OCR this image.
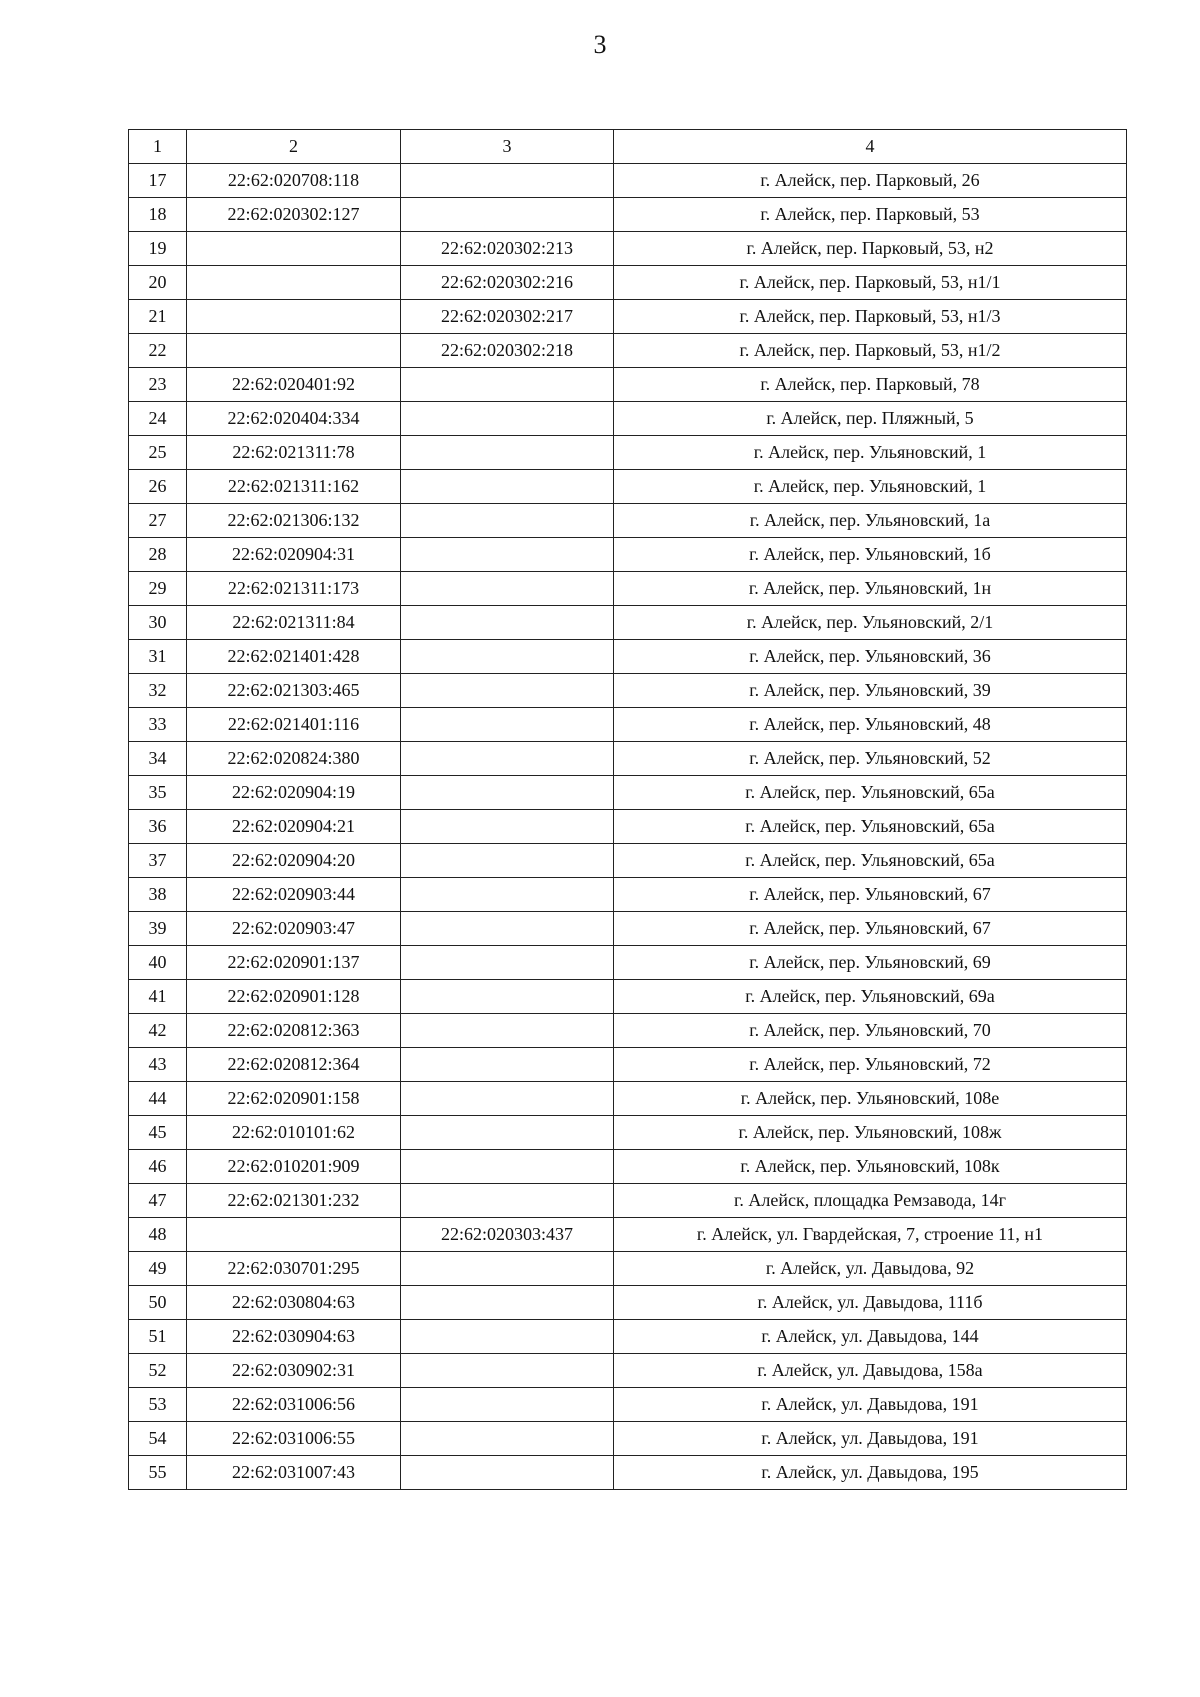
3
1	2	3	4
17	22:62:020708:118		г. Алейск, пер. Парковый, 26
18	22:62:020302:127		г. Алейск, пер. Парковый, 53
19		22:62:020302:213	г. Алейск, пер. Парковый, 53, н2
20		22:62:020302:216	г. Алейск, пер. Парковый, 53, н1/1
21		22:62:020302:217	г. Алейск, пер. Парковый, 53, н1/3
22		22:62:020302:218	г. Алейск, пер. Парковый, 53, н1/2
23	22:62:020401:92		г. Алейск, пер. Парковый, 78
24	22:62:020404:334		г. Алейск, пер. Пляжный, 5
25	22:62:021311:78		г. Алейск, пер. Ульяновский, 1
26	22:62:021311:162		г. Алейск, пер. Ульяновский, 1
27	22:62:021306:132		г. Алейск, пер. Ульяновский, 1а
28	22:62:020904:31		г. Алейск, пер. Ульяновский, 1б
29	22:62:021311:173		г. Алейск, пер. Ульяновский, 1н
30	22:62:021311:84		г. Алейск, пер. Ульяновский, 2/1
31	22:62:021401:428		г. Алейск, пер. Ульяновский, 36
32	22:62:021303:465		г. Алейск, пер. Ульяновский, 39
33	22:62:021401:116		г. Алейск, пер. Ульяновский, 48
34	22:62:020824:380		г. Алейск, пер. Ульяновский, 52
35	22:62:020904:19		г. Алейск, пер. Ульяновский, 65а
36	22:62:020904:21		г. Алейск, пер. Ульяновский, 65а
37	22:62:020904:20		г. Алейск, пер. Ульяновский, 65а
38	22:62:020903:44		г. Алейск, пер. Ульяновский, 67
39	22:62:020903:47		г. Алейск, пер. Ульяновский, 67
40	22:62:020901:137		г. Алейск, пер. Ульяновский, 69
41	22:62:020901:128		г. Алейск, пер. Ульяновский, 69а
42	22:62:020812:363		г. Алейск, пер. Ульяновский, 70
43	22:62:020812:364		г. Алейск, пер. Ульяновский, 72
44	22:62:020901:158		г. Алейск, пер. Ульяновский, 108е
45	22:62:010101:62		г. Алейск, пер. Ульяновский, 108ж
46	22:62:010201:909		г. Алейск, пер. Ульяновский, 108к
47	22:62:021301:232		г. Алейск, площадка Ремзавода, 14г
48		22:62:020303:437	г. Алейск, ул. Гвардейская, 7, строение 11, н1
49	22:62:030701:295		г. Алейск, ул. Давыдова, 92
50	22:62:030804:63		г. Алейск, ул. Давыдова, 111б
51	22:62:030904:63		г. Алейск, ул. Давыдова, 144
52	22:62:030902:31		г. Алейск, ул. Давыдова, 158а
53	22:62:031006:56		г. Алейск, ул. Давыдова, 191
54	22:62:031006:55		г. Алейск, ул. Давыдова, 191
55	22:62:031007:43		г. Алейск, ул. Давыдова, 195
